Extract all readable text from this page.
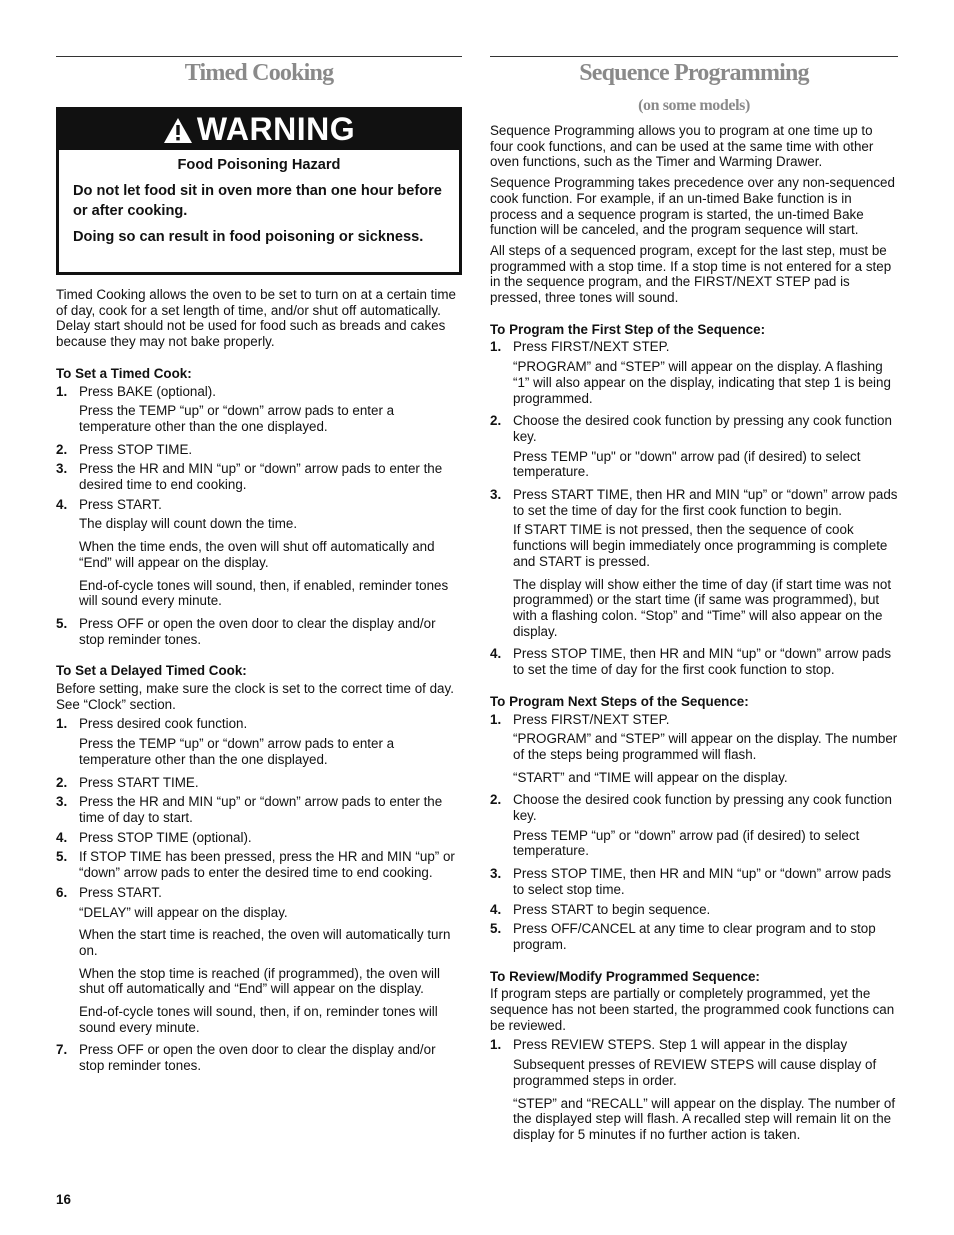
Timed Cooking
WARNING
Food Poisoning Hazard

Do not let food sit in oven more than one hour before or after cooking.

Doing so can result in food poisoning or sickness.

Timed Cooking allows the oven to be set to turn on at a certain time of day, cook for a set length of time, and/or shut off automatically. Delay start should not be used for food such as breads and cakes because they may not bake properly.
To Set a Timed Cook:
1. Press BAKE (optional).
Press the TEMP “up” or “down” arrow pads to enter a temperature other than the one displayed.
2. Press STOP TIME.
3. Press the HR and MIN “up” or “down” arrow pads to enter the desired time to end cooking.
4. Press START.
The display will count down the time.
When the time ends, the oven will shut off automatically and “End” will appear on the display.
End-of-cycle tones will sound, then, if enabled, reminder tones will sound every minute.
5. Press OFF or open the oven door to clear the display and/or stop reminder tones.
To Set a Delayed Timed Cook:
Before setting, make sure the clock is set to the correct time of day. See “Clock” section.
1. Press desired cook function.
Press the TEMP “up” or “down” arrow pads to enter a temperature other than the one displayed.
2. Press START TIME.
3. Press the HR and MIN “up” or “down” arrow pads to enter the time of day to start.
4. Press STOP TIME (optional).
5. If STOP TIME has been pressed, press the HR and MIN “up” or “down” arrow pads to enter the desired time to end cooking.
6. Press START.
“DELAY” will appear on the display.
When the start time is reached, the oven will automatically turn on.
When the stop time is reached (if programmed), the oven will shut off automatically and “End” will appear on the display.
End-of-cycle tones will sound, then, if on, reminder tones will sound every minute.
7. Press OFF or open the oven door to clear the display and/or stop reminder tones.
Sequence Programming
(on some models)
Sequence Programming allows you to program at one time up to four cook functions, and can be used at the same time with other oven functions, such as the Timer and Warming Drawer.
Sequence Programming takes precedence over any non-sequenced cook function. For example, if an un-timed Bake function is in process and a sequence program is started, the un-timed Bake function will be canceled, and the program sequence will start.
All steps of a sequenced program, except for the last step, must be programmed with a stop time. If a stop time is not entered for a step in the sequence program, and the FIRST/NEXT STEP pad is pressed, three tones will sound.
To Program the First Step of the Sequence:
1. Press FIRST/NEXT STEP.
“PROGRAM” and “STEP” will appear on the display. A flashing “1” will also appear on the display, indicating that step 1 is being programmed.
2. Choose the desired cook function by pressing any cook function key.
Press TEMP "up" or "down" arrow pad (if desired) to select temperature.
3. Press START TIME, then HR and MIN “up” or “down” arrow pads to set the time of day for the first cook function to begin.
If START TIME is not pressed, then the sequence of cook functions will begin immediately once programming is complete and START is pressed.
The display will show either the time of day (if start time was not programmed) or the start time (if same was programmed), but with a flashing colon. “Stop” and “Time” will also appear on the display.
4. Press STOP TIME, then HR and MIN “up” or “down” arrow pads to set the time of day for the first cook function to stop.
To Program Next Steps of the Sequence:
1. Press FIRST/NEXT STEP.
“PROGRAM” and “STEP” will appear on the display. The number of the steps being programmed will flash.
“START” and “TIME will appear on the display.
2. Choose the desired cook function by pressing any cook function key.
Press TEMP “up” or “down” arrow pad (if desired) to select temperature.
3. Press STOP TIME, then HR and MIN “up” or “down” arrow pads to select stop time.
4. Press START to begin sequence.
5. Press OFF/CANCEL at any time to clear program and to stop program.
To Review/Modify Programmed Sequence:
If program steps are partially or completely programmed, yet the sequence has not been started, the programmed cook functions can be reviewed.
1. Press REVIEW STEPS. Step 1 will appear in the display
Subsequent presses of REVIEW STEPS will cause display of programmed steps in order.
“STEP” and “RECALL” will appear on the display. The number of the displayed step will flash. A recalled step will remain lit on the display for 5 minutes if no further action is taken.
16
